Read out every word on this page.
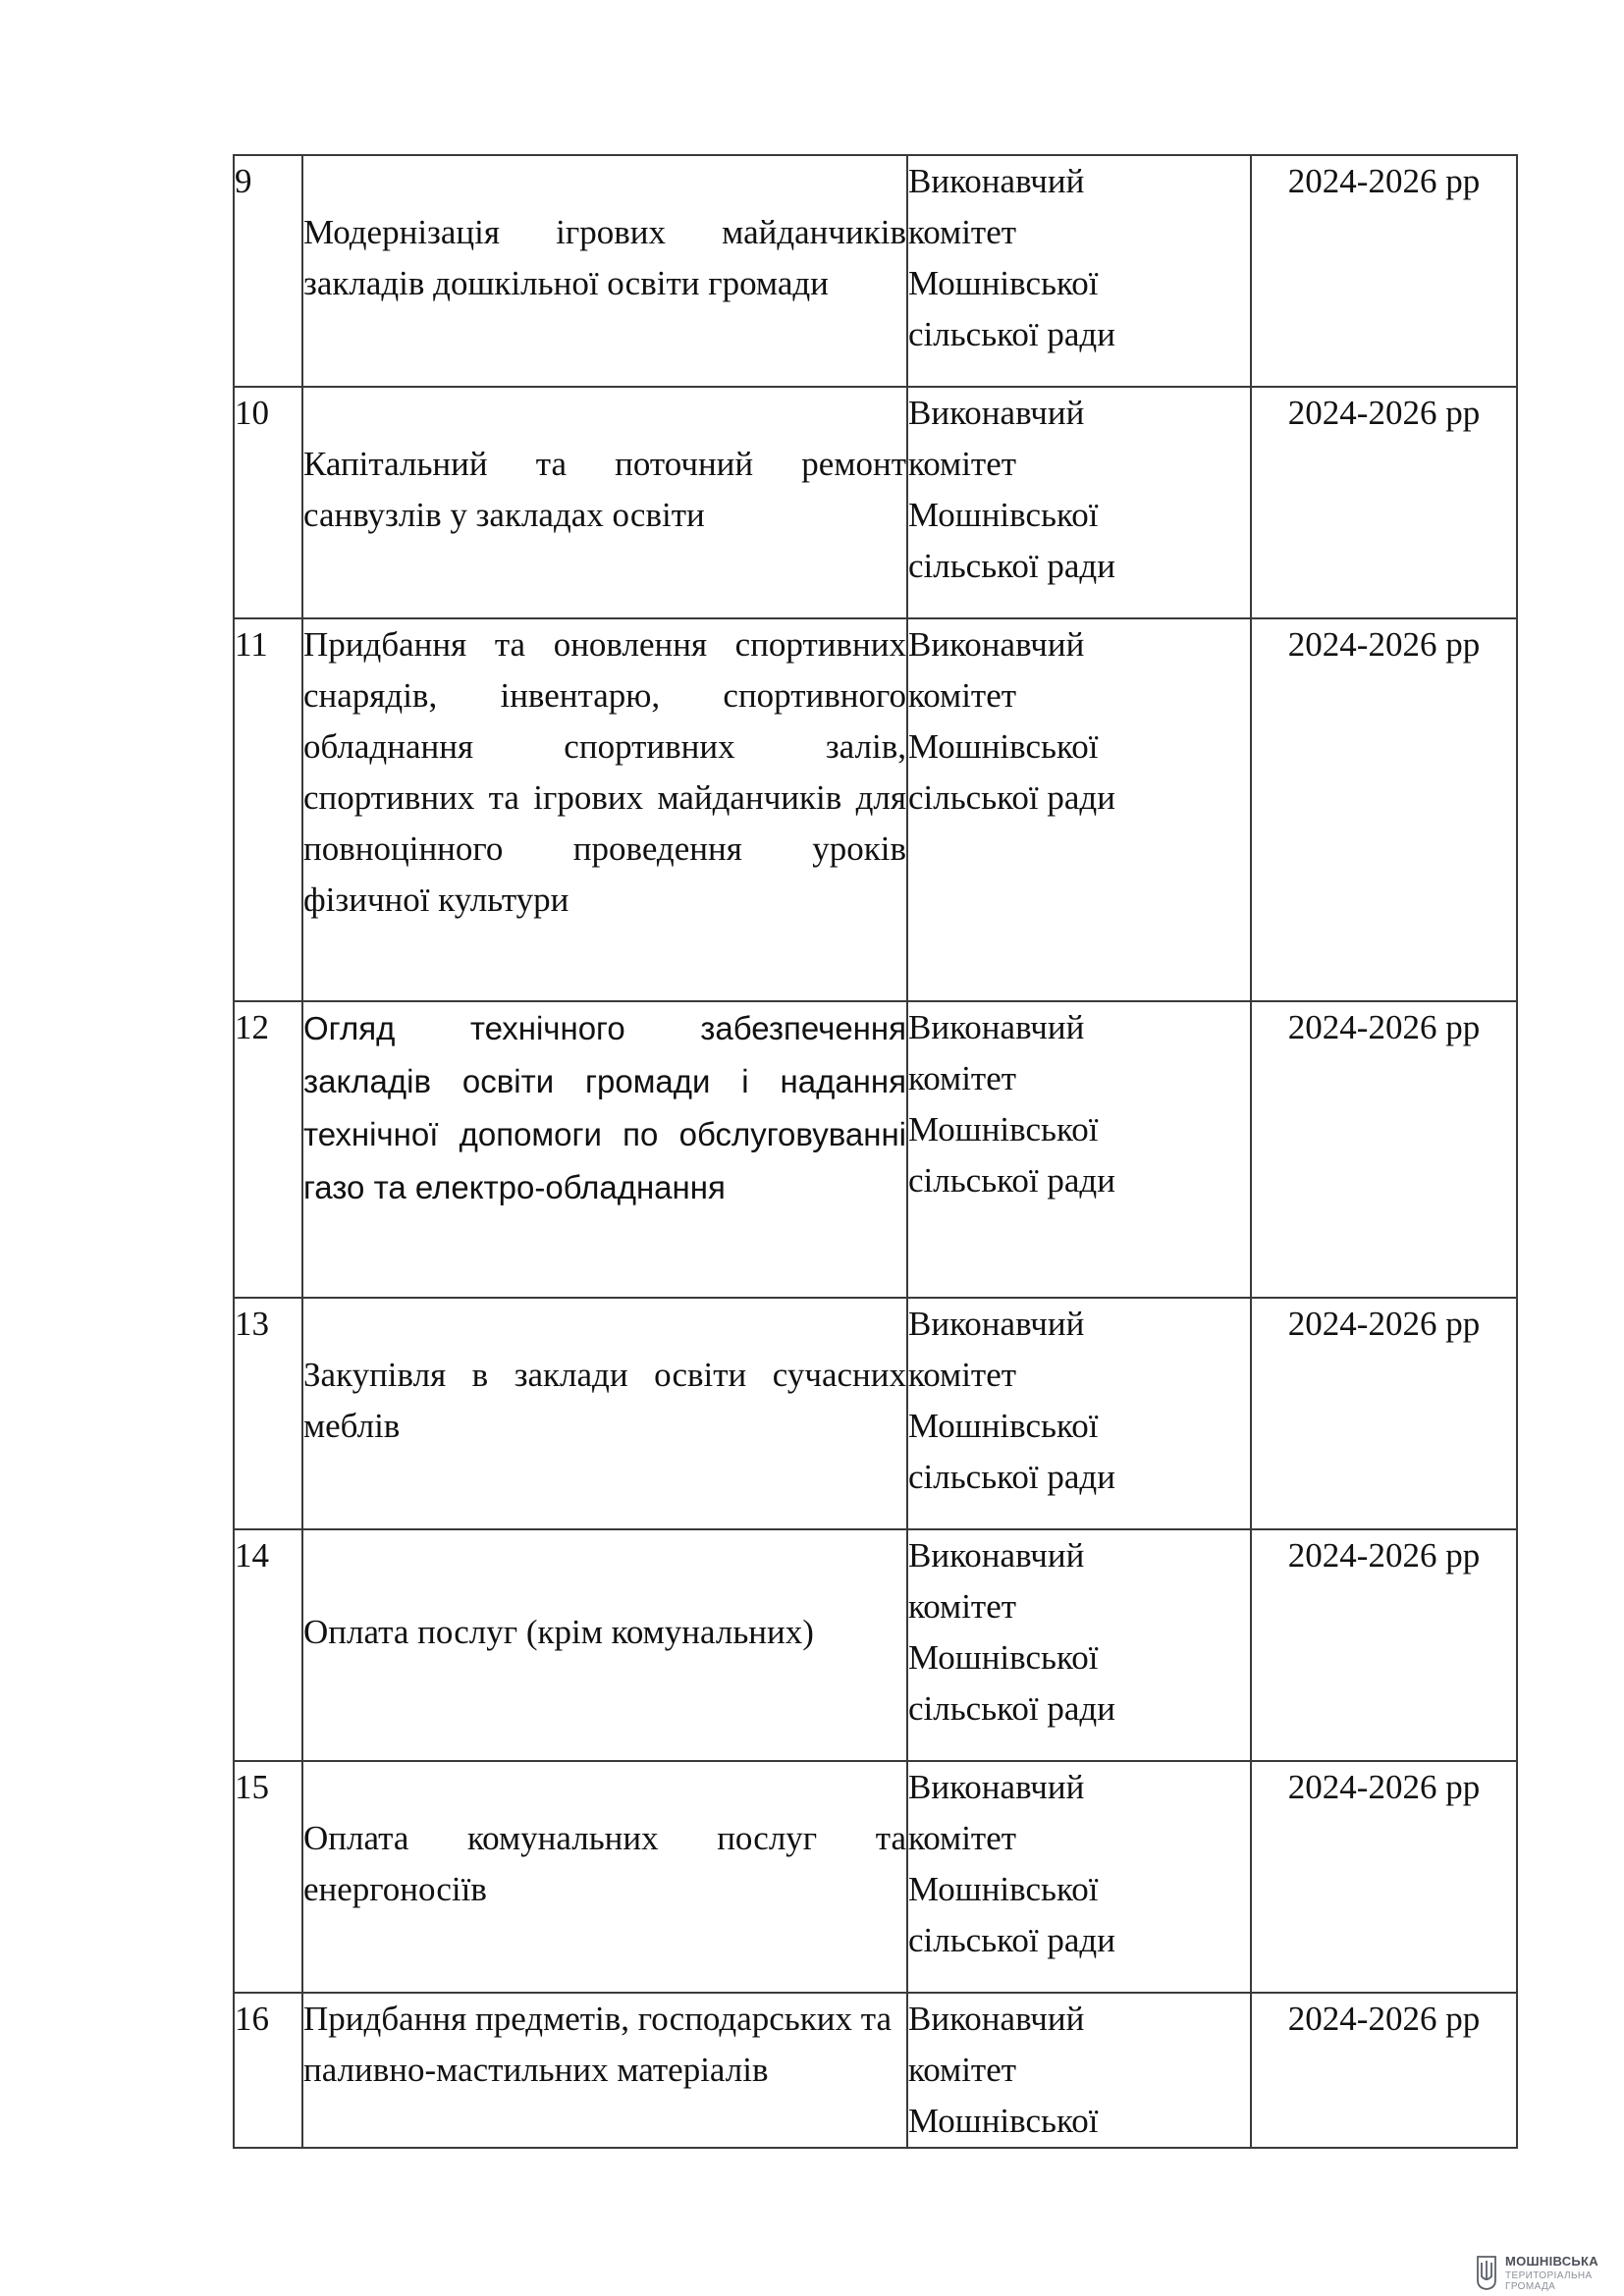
9	Модернізація ігрових майданчиків закладів дошкільної освіти громади	Виконавчий
комітет
Мошнівської
сільської ради	2024-2026 рр
10	Капітальний та поточний ремонт санвузлів у закладах освіти	Виконавчий
комітет
Мошнівської
сільської ради	2024-2026 рр
11	Придбання та оновлення спортивних снарядів, інвентарю, спортивного обладнання спортивних залів, спортивних та ігрових майданчиків для повноцінного проведення уроків фізичної культури	Виконавчий
комітет
Мошнівської
сільської ради	2024-2026 рр
12	Огляд технічного забезпечення закладів освіти громади і надання технічної допомоги по обслуговуванні газо та електро-обладнання	Виконавчий
комітет
Мошнівської
сільської ради	2024-2026 рр
13	Закупівля в заклади освіти сучасних меблів	Виконавчий
комітет
Мошнівської
сільської ради	2024-2026 рр
14	Оплата послуг (крім комунальних)	Виконавчий
комітет
Мошнівської
сільської ради	2024-2026 рр
15	Оплата комунальних послуг та енергоносіїв	Виконавчий
комітет
Мошнівської
сільської ради	2024-2026 рр
16	Придбання предметів, господарських та паливно-мастильних матеріалів	Виконавчий
комітет
Мошнівської	2024-2026 рр
МОШНІВСЬКА
ТЕРИТОРІАЛЬНА
ГРОМАДА
